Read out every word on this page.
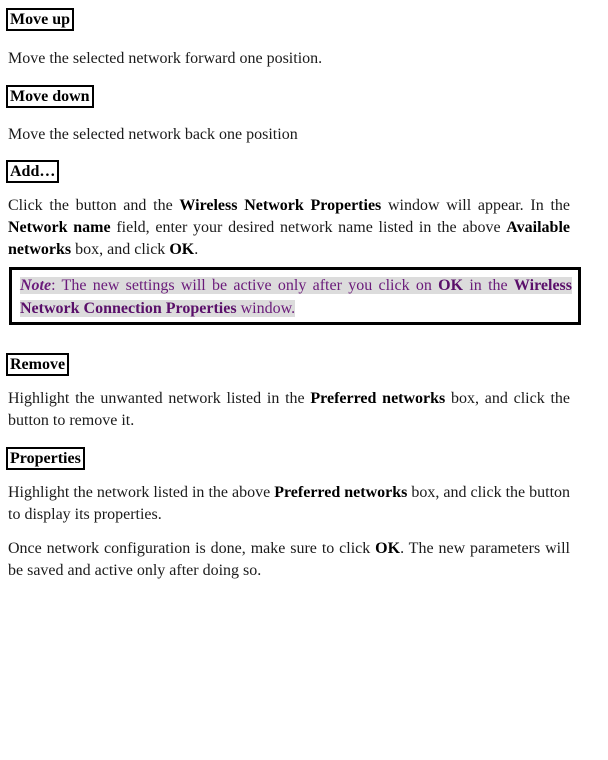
Move up
Move the selected network forward one position.
Move down
Move the selected network back one position
Add…
Click the button and the Wireless Network Properties window will appear. In the Network name field, enter your desired network name listed in the above Available networks box, and click OK.
Note: The new settings will be active only after you click on OK in the Wireless Network Connection Properties window.
Remove
Highlight the unwanted network listed in the Preferred networks box, and click the button to remove it.
Properties
Highlight the network listed in the above Preferred networks box, and click the button to display its properties.
Once network configuration is done, make sure to click OK. The new parameters will be saved and active only after doing so.
